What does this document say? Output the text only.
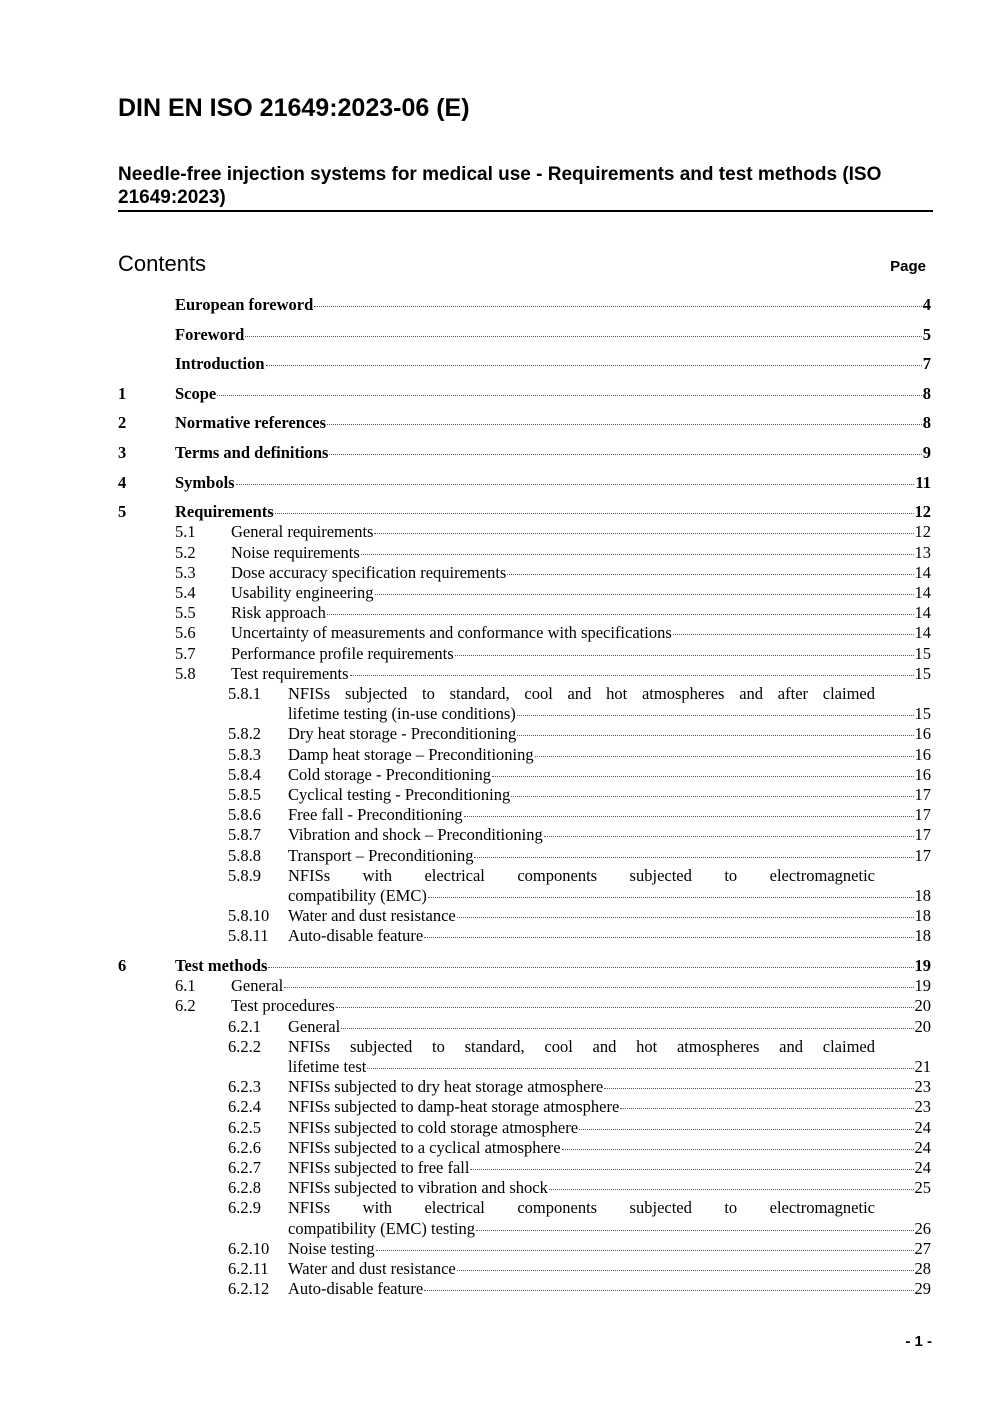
DIN EN ISO 21649:2023-06 (E)
Needle-free injection systems for medical use - Requirements and test methods (ISO 21649:2023)
Contents	Page
European foreword	4
Foreword	5
Introduction	7
1	Scope	8
2	Normative references	8
3	Terms and definitions	9
4	Symbols	11
5	Requirements	12
5.1	General requirements	12
5.2	Noise requirements	13
5.3	Dose accuracy specification requirements	14
5.4	Usability engineering	14
5.5	Risk approach	14
5.6	Uncertainty of measurements and conformance with specifications	14
5.7	Performance profile requirements	15
5.8	Test requirements	15
5.8.1	NFISs subjected to standard, cool and hot atmospheres and after claimed
lifetime testing (in-use conditions)	15
5.8.2	Dry heat storage - Preconditioning	16
5.8.3	Damp heat storage – Preconditioning	16
5.8.4	Cold storage - Preconditioning	16
5.8.5	Cyclical testing - Preconditioning	17
5.8.6	Free fall - Preconditioning	17
5.8.7	Vibration and shock – Preconditioning	17
5.8.8	Transport – Preconditioning	17
5.8.9	NFISs with electrical components subjected to electromagnetic
compatibility (EMC)	18
5.8.10	Water and dust resistance	18
5.8.11	Auto-disable feature	18
6	Test methods	19
6.1	General	19
6.2	Test procedures	20
6.2.1	General	20
6.2.2	NFISs subjected to standard, cool and hot atmospheres and claimed
lifetime test	21
6.2.3	NFISs subjected to dry heat storage atmosphere	23
6.2.4	NFISs subjected to damp-heat storage atmosphere	23
6.2.5	NFISs subjected to cold storage atmosphere	24
6.2.6	NFISs subjected to a cyclical atmosphere	24
6.2.7	NFISs subjected to free fall	24
6.2.8	NFISs subjected to vibration and shock	25
6.2.9	NFISs with electrical components subjected to electromagnetic
compatibility (EMC) testing	26
6.2.10	Noise testing	27
6.2.11	Water and dust resistance	28
6.2.12	Auto-disable feature	29
- 1 -
